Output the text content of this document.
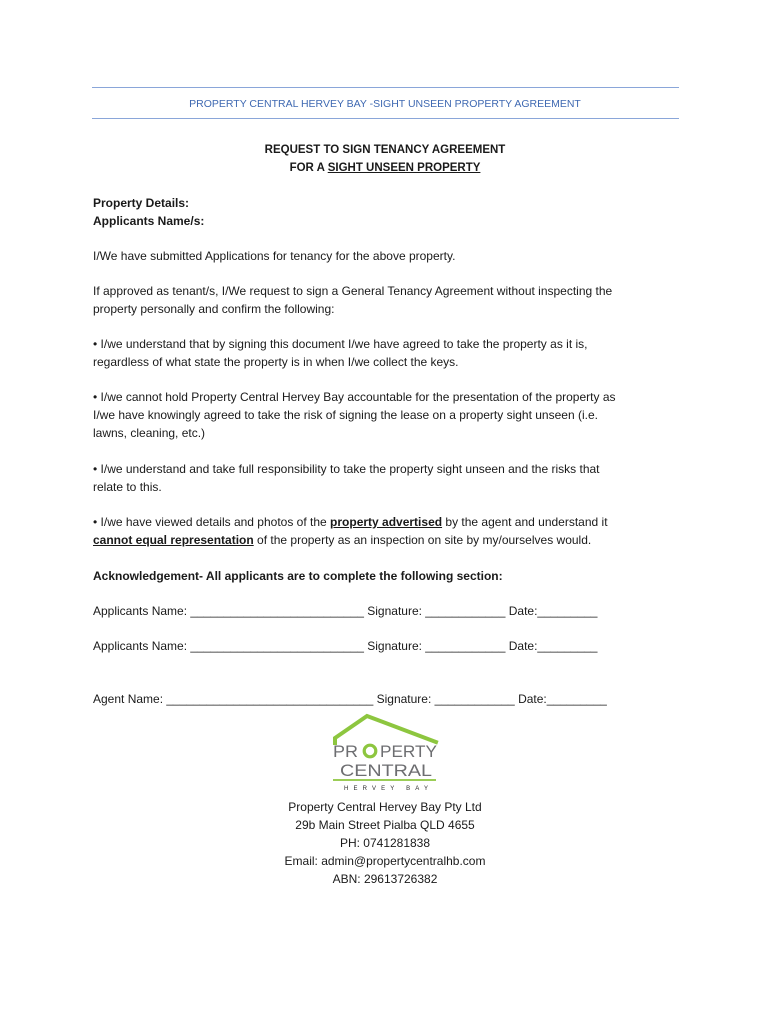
PROPERTY CENTRAL HERVEY BAY -SIGHT UNSEEN PROPERTY AGREEMENT
REQUEST TO SIGN TENANCY AGREEMENT
FOR A SIGHT UNSEEN PROPERTY
Property Details:
Applicants Name/s:
I/We have submitted Applications for tenancy for the above property.
If approved as tenant/s, I/We request to sign a General Tenancy Agreement without inspecting the
property personally and confirm the following:
• I/we understand that by signing this document I/we have agreed to take the property as it is,
regardless of what state the property is in when I/we collect the keys.
• I/we cannot hold Property Central Hervey Bay accountable for the presentation of the property as
I/we have knowingly agreed to take the risk of signing the lease on a property sight unseen (i.e.
lawns, cleaning, etc.)
• I/we understand and take full responsibility to take the property sight unseen and the risks that
relate to this.
• I/we have viewed details and photos of the property advertised by the agent and understand it
cannot equal representation of the property as an inspection on site by my/ourselves would.
Acknowledgement- All applicants are to complete the following section:
Applicants Name: __________________________ Signature: ____________ Date:_________
Applicants Name: __________________________ Signature: ____________ Date:_________
Agent Name: _______________________________ Signature: ____________ Date:_________
PR PERTY
CENTRAL
HERVEY BAY
Property Central Hervey Bay Pty Ltd
29b Main Street Pialba QLD 4655
PH: 0741281838
Email: admin@propertycentralhb.com
ABN: 29613726382
